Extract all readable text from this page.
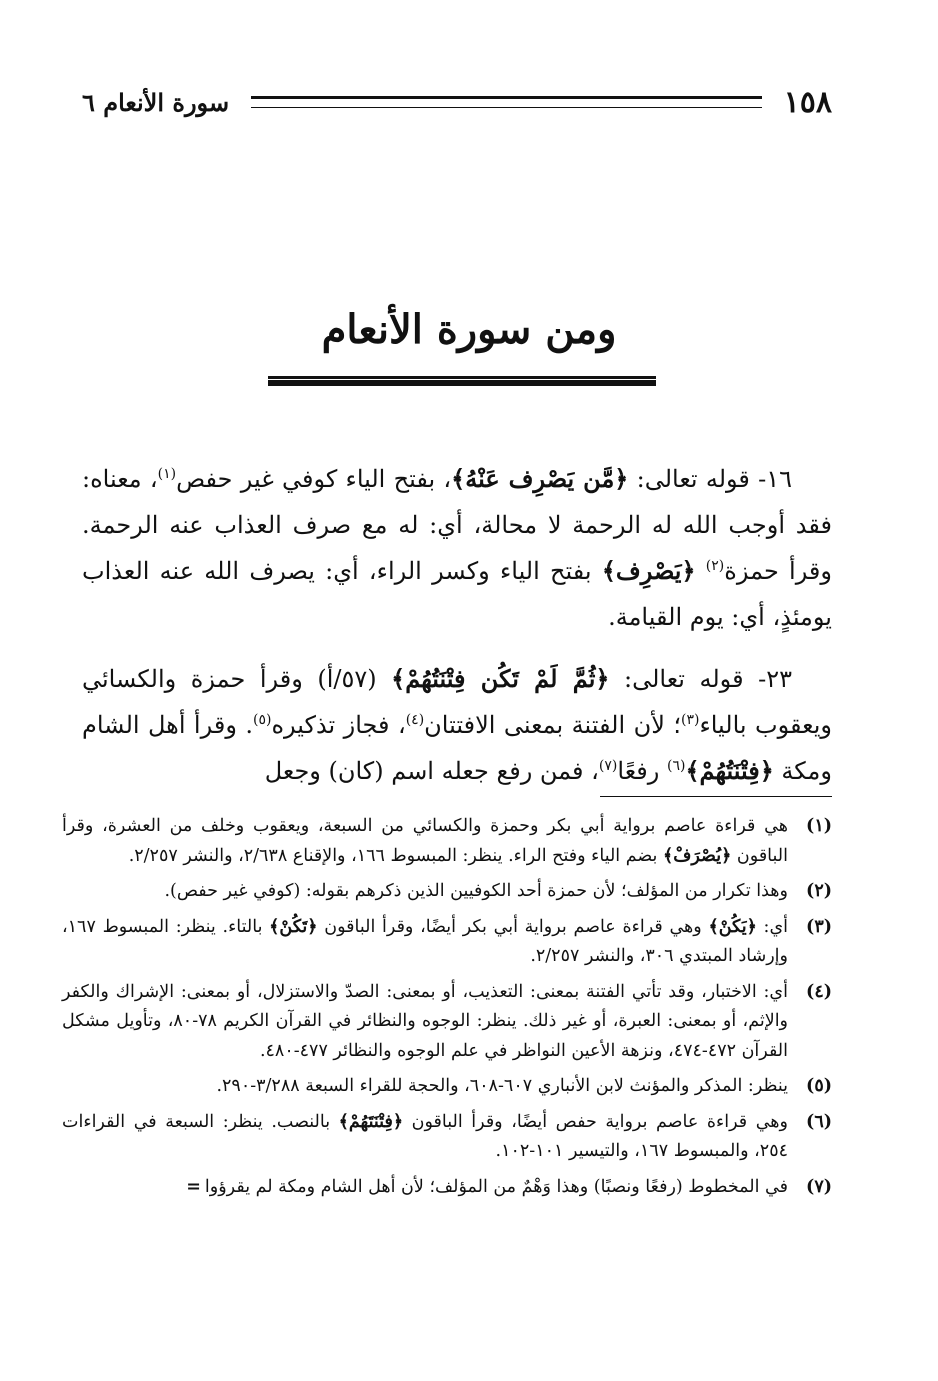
١٥٨
سورة الأنعام ٦
ومن سورة الأنعام

١٦- قوله تعالى: ﴿مَّن يَصْرِف عَنْهُ﴾، بفتح الياء كوفي غير حفص$^{(١)}$، معناه: فقد أوجب الله له الرحمة لا محالة، أي: له مع صرف العذاب عنه الرحمة. وقرأ حمزة$^{(٢)}$ ﴿يَصْرِف﴾ بفتح الياء وكسر الراء، أي: يصرف الله عنه العذاب يومئذٍ، أي: يوم القيامة.

٢٣- قوله تعالى: ﴿ثُمَّ لَمْ تَكُن فِتْنَتُهُمْ﴾ (٥٧/أ) وقرأ حمزة والكسائي ويعقوب بالياء$^{(٣)}$؛ لأن الفتنة بمعنى الافتتان$^{(٤)}$، فجاز تذكيره$^{(٥)}$. وقرأ أهل الشام ومكة ﴿فِتْنَتُهُمْ﴾$^{(٦)}$ رفعًا$^{(٧)}$، فمن رفع جعله اسم (كان) وجعل

(١)
هي قراءة عاصم برواية أبي بكر وحمزة والكسائي من السبعة، ويعقوب وخلف من العشرة، وقرأ الباقون ﴿يُصْرَفْ﴾ بضم الياء وفتح الراء. ينظر: المبسوط ١٦٦، والإقناع ٢/٦٣٨، والنشر ٢/٢٥٧.
(٢)
وهذا تكرار من المؤلف؛ لأن حمزة أحد الكوفيين الذين ذكرهم بقوله: (كوفي غير حفص).
(٣)
أي: ﴿يَكُنْ﴾ وهي قراءة عاصم برواية أبي بكر أيضًا، وقرأ الباقون ﴿تَكُنْ﴾ بالتاء. ينظر: المبسوط ١٦٧، وإرشاد المبتدي ٣٠٦، والنشر ٢/٢٥٧.
(٤)
أي: الاختبار، وقد تأتي الفتنة بمعنى: التعذيب، أو بمعنى: الصدّ والاستزلال، أو بمعنى: الإشراك والكفر والإثم، أو بمعنى: العبرة، أو غير ذلك. ينظر: الوجوه والنظائر في القرآن الكريم ٧٨-٨٠، وتأويل مشكل القرآن ٤٧٢-٤٧٤، ونزهة الأعين النواظر في علم الوجوه والنظائر ٤٧٧-٤٨٠.
(٥)
ينظر: المذكر والمؤنث لابن الأنباري ٦٠٧-٦٠٨، والحجة للقراء السبعة ٣/٢٨٨-٢٩٠.
(٦)
وهي قراءة عاصم برواية حفص أيضًا، وقرأ الباقون ﴿فِتْنَتَهُمْ﴾ بالنصب. ينظر: السبعة في القراءات ٢٥٤، والمبسوط ١٦٧، والتيسير ١٠١-١٠٢.
(٧)
في المخطوط (رفعًا ونصبًا) وهذا وَهْمٌ من المؤلف؛ لأن أهل الشام ومكة لم يقرؤوا=
